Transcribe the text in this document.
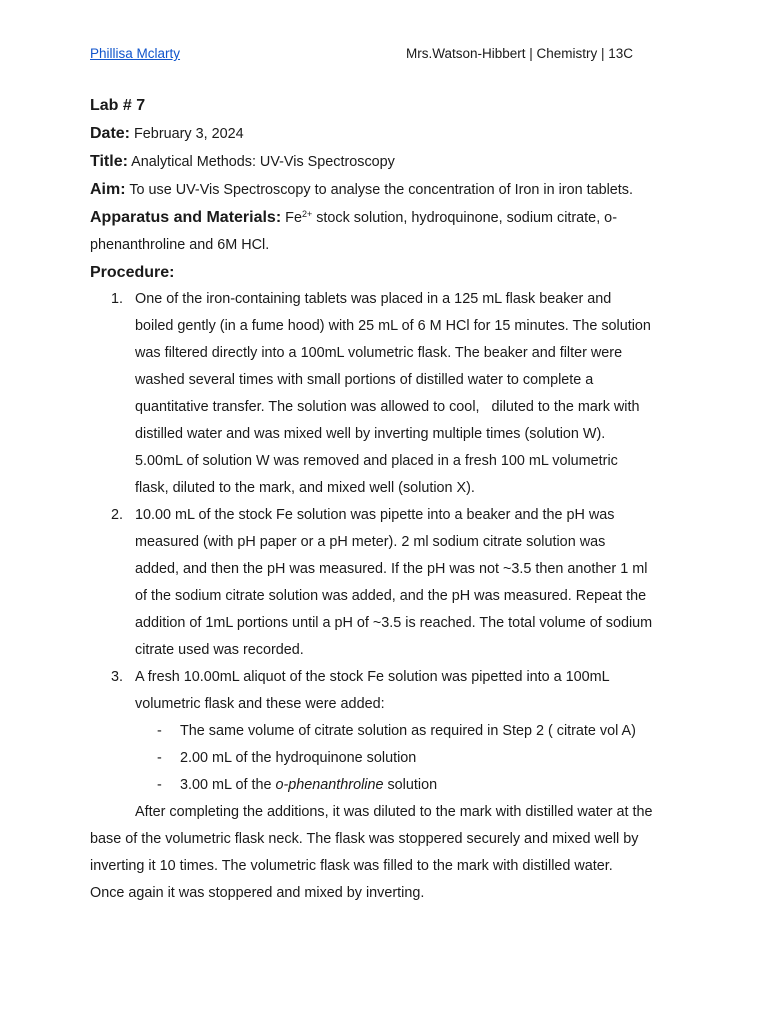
Phillisa Mclarty	Mrs.Watson-Hibbert | Chemistry | 13C

Lab # 7

Date: February 3, 2024

Title: Analytical Methods: UV-Vis Spectroscopy

Aim: To use UV-Vis Spectroscopy to analyse the concentration of Iron in iron tablets.

Apparatus and Materials: $Fe^{2+}$ stock solution, hydroquinone, sodium citrate, o-

phenanthroline and 6M HCl.

Procedure:

1. One of the iron-containing tablets was placed in a 125 mL flask beaker and
boiled gently (in a fume hood) with 25 mL of 6 M HCl for 15 minutes. The solution
was filtered directly into a 100mL volumetric flask. The beaker and filter were
washed several times with small portions of distilled water to complete a
quantitative transfer. The solution was allowed to cool,   diluted to the mark with
distilled water and was mixed well by inverting multiple times (solution W).
5.00mL of solution W was removed and placed in a fresh 100 mL volumetric
flask, diluted to the mark, and mixed well (solution X).
2. 10.00 mL of the stock Fe solution was pipette into a beaker and the pH was
measured (with pH paper or a pH meter). 2 ml sodium citrate solution was
added, and then the pH was measured. If the pH was not ~3.5 then another 1 ml
of the sodium citrate solution was added, and the pH was measured. Repeat the
addition of 1mL portions until a pH of ~3.5 is reached. The total volume of sodium
citrate used was recorded.
3. A fresh 10.00mL aliquot of the stock Fe solution was pipetted into a 100mL
volumetric flask and these were added:
- The same volume of citrate solution as required in Step 2 ( citrate vol A)
- 2.00 mL of the hydroquinone solution
- 3.00 mL of the o-phenanthroline solution

After completing the additions, it was diluted to the mark with distilled water at the

base of the volumetric flask neck. The flask was stoppered securely and mixed well by
inverting it 10 times. The volumetric flask was filled to the mark with distilled water.
Once again it was stoppered and mixed by inverting.
